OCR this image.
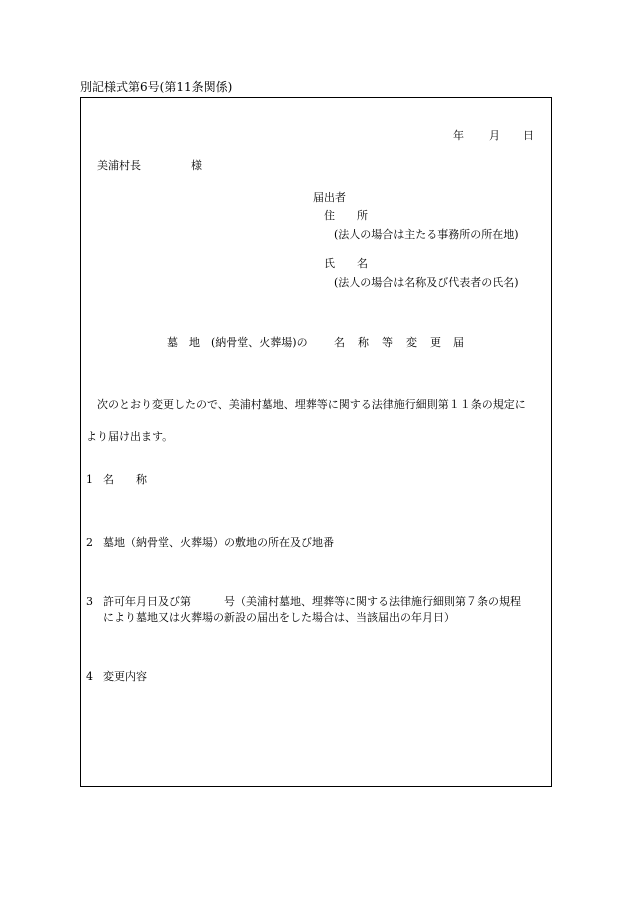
別記様式第6号(第11条関係)
年 月 日
美浦村長	様
届出者
住　　所
(法人の場合は主たる事務所の所在地)
氏　　名
(法人の場合は名称及び代表者の氏名)
墓　地　(納骨堂、火葬場)の 名 称 等 変 更 届
次のとおり変更したので、美浦村墓地、埋葬等に関する法律施行細則第１１条の規定に
より届け出ます。
1 名　　称
2 墓地（納骨堂、火葬場）の敷地の所在及び地番
3 許可年月日及び第　　　号（美浦村墓地、埋葬等に関する法律施行細則第７条の規程
により墓地又は火葬場の新設の届出をした場合は、当該届出の年月日）
4 変更内容
